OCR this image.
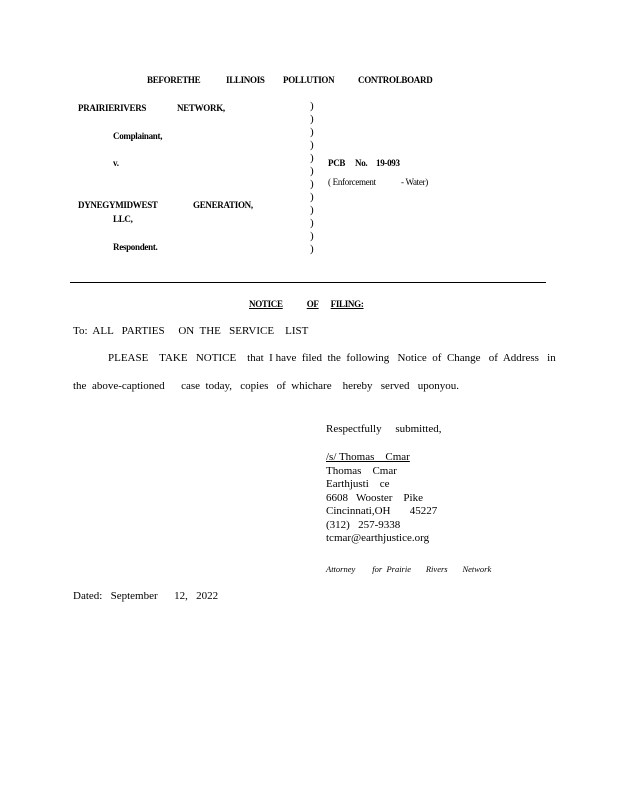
BEFORETHE	ILLINOIS POLLUTION	CONTROLBOARD
PRAIRIERIVERS	NETWORK,
Complainant,
v.
DYNEGYMIDWEST	GENERATION,
LLC,
Respondent.
)
)
)
)
)
)
)
)
)
)
)
)
PCB No. 19-093
( Enforcement	- Water)
NOTICE	OF FILING:
To:  ALL   PARTIES     ON  THE   SERVICE    LIST
PLEASE    TAKE   NOTICE    that  I have  filed  the  following   Notice  of  Change   of  Address   in
the  above-captioned      case  today,   copies   of  whichare    hereby   served   uponyou.
Respectfully     submitted,
/s/ Thomas    Cmar
Thomas    Cmar
Earthjusti    ce
6608   Wooster    Pike
Cincinnati,OH       45227
(312)   257-9338
tcmar@earthjustice.org
Attorney        for  Prairie       Rivers       Network
Dated:   September      12,   2022
